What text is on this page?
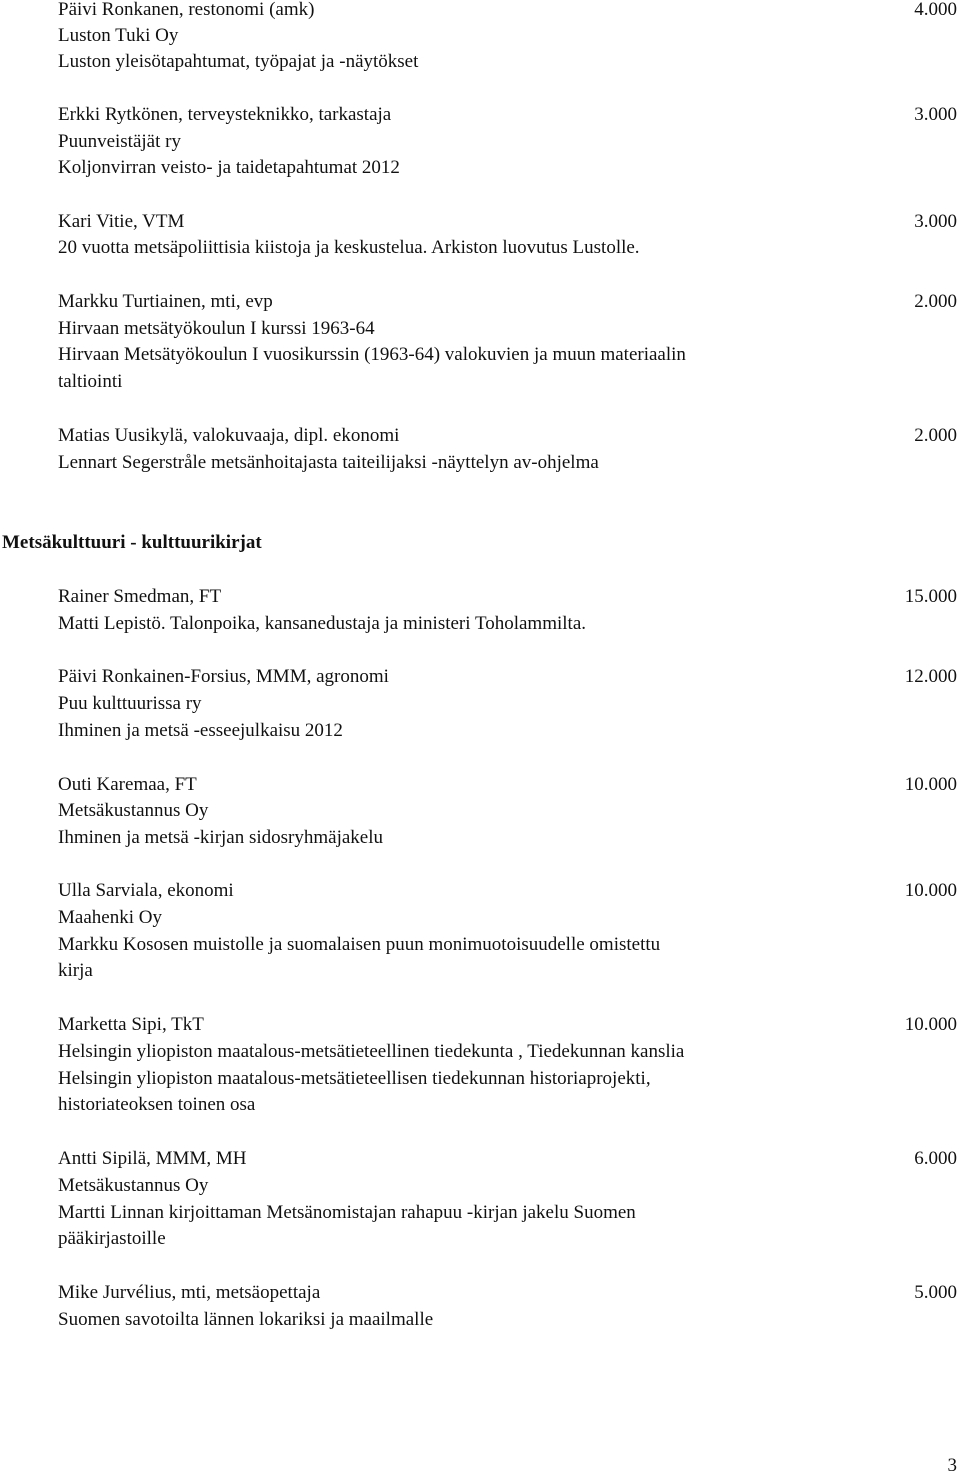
Päivi Ronkanen, restonomi (amk)	4.000
Luston Tuki Oy
Luston yleisötapahtumat, työpajat ja -näytökset
Erkki Rytkönen, terveysteknikko, tarkastaja	3.000
Puunveistäjät ry
Koljonvirran veisto- ja taidetapahtumat 2012
Kari Vitie, VTM	3.000
20 vuotta metsäpoliittisia kiistoja ja keskustelua. Arkiston luovutus Lustolle.
Markku Turtiainen, mti, evp	2.000
Hirvaan metsätyökoulun I kurssi 1963-64
Hirvaan Metsätyökoulun I vuosikurssin (1963-64) valokuvien ja muun materiaalin
taltiointi
Matias Uusikylä, valokuvaaja, dipl. ekonomi	2.000
Lennart Segerstråle metsänhoitajasta taiteilijaksi -näyttelyn av-ohjelma
Metsäkulttuuri - kulttuurikirjat
Rainer Smedman, FT	15.000
Matti Lepistö. Talonpoika, kansanedustaja ja ministeri Toholammilta.
Päivi Ronkainen-Forsius, MMM, agronomi	12.000
Puu kulttuurissa ry
Ihminen ja metsä -esseejulkaisu 2012
Outi Karemaa, FT	10.000
Metsäkustannus Oy
Ihminen ja metsä -kirjan sidosryhmäjakelu
Ulla Sarviala, ekonomi	10.000
Maahenki Oy
Markku Kososen muistolle ja suomalaisen puun monimuotoisuudelle omistettu
kirja
Marketta Sipi, TkT	10.000
Helsingin yliopiston maatalous-metsätieteellinen tiedekunta , Tiedekunnan kanslia
Helsingin yliopiston maatalous-metsätieteellisen tiedekunnan historiaprojekti,
historiateoksen toinen osa
Antti Sipilä, MMM, MH	6.000
Metsäkustannus Oy
Martti Linnan kirjoittaman Metsänomistajan rahapuu -kirjan jakelu Suomen
pääkirjastoille
Mike Jurvélius, mti, metsäopettaja	5.000
Suomen savotoilta lännen lokariksi ja maailmalle
3
